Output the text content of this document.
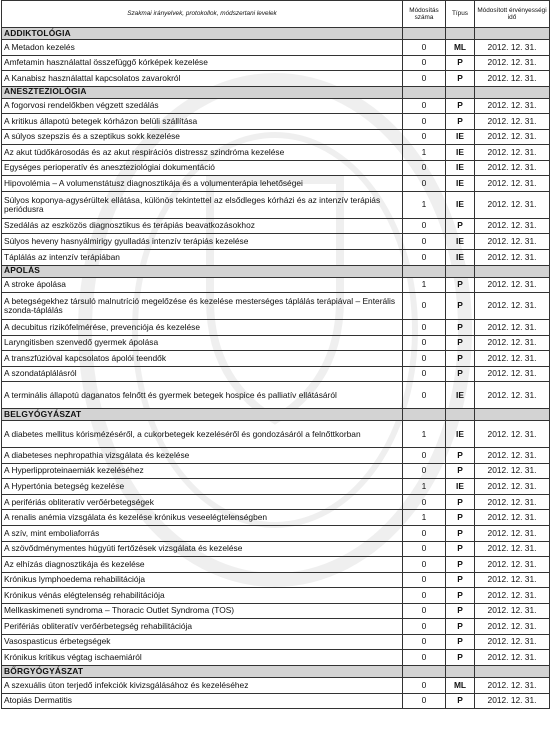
Szakmai irányelvek, protokollok, módszertani levelek	Módosítás száma	Típus	Módosított érvényességi idő
ADDIKTOLÓGIA			
A Metadon kezelés	0	ML	2012. 12. 31.
Amfetamin használattal összefüggő kórképek kezelése	0	P	2012. 12. 31.
A Kanabisz használattal kapcsolatos zavarokról	0	P	2012. 12. 31.
ANESZTEZIOLÓGIA			
A fogorvosi rendelőkben végzett szedálás	0	P	2012. 12. 31.
A kritikus állapotú betegek kórházon belüli szállítása	0	P	2012. 12. 31.
A súlyos szepszis és a szeptikus sokk kezelése	0	IE	2012. 12. 31.
Az akut tüdőkárosodás és az akut respirációs distressz szindróma kezelése	1	IE	2012. 12. 31.
Egységes perioperatív és aneszteziológiai dokumentáció	0	IE	2012. 12. 31.
Hipovolémia – A volumenstátusz diagnosztikája és a volumenterápia lehetőségei	0	IE	2012. 12. 31.
Súlyos koponya-agysérültek ellátása, különös tekintettel az elsődleges kórházi és az intenzív terápiás periódusra	1	IE	2012. 12. 31.
Szedálás az eszközös diagnosztikus és terápiás beavatkozásokhoz	0	P	2012. 12. 31.
Súlyos heveny hasnyálmirigy gyulladás intenzív terápiás kezelése	0	IE	2012. 12. 31.
Táplálás az intenzív terápiában	0	IE	2012. 12. 31.
ÁPOLÁS			
A stroke ápolása	1	P	2012. 12. 31.
A betegségekhez társuló malnutríció megelőzése és kezelése mesterséges táplálás terápiával – Enterális szonda-táplálás	0	P	2012. 12. 31.
A decubitus rizikófelmérése, prevenciója és kezelése	0	P	2012. 12. 31.
Laryngitisben szenvedő gyermek ápolása	0	P	2012. 12. 31.
A transzfúzióval kapcsolatos ápolói teendők	0	P	2012. 12. 31.
A szondatáplálásról	0	P	2012. 12. 31.
A terminális állapotú daganatos felnőtt és gyermek betegek hospice és palliatív ellátásáról	0	IE	2012. 12. 31.
BELGYÓGYÁSZAT			
A diabetes mellitus kórismézéséről, a cukorbetegek kezeléséről és gondozásáról a felnőttkorban	1	IE	2012. 12. 31.
A diabeteses nephropathia vizsgálata és kezelése	0	P	2012. 12. 31.
A Hyperlipproteinaemiák kezeléséhez	0	P	2012. 12. 31.
A Hypertónia betegség kezelése	1	IE	2012. 12. 31.
A perifériás obliteratív verőérbetegségek	0	P	2012. 12. 31.
A renalis anémia vizsgálata és kezelése krónikus veseelégtelenségben	1	P	2012. 12. 31.
A szív, mint emboliaforrás	0	P	2012. 12. 31.
A szövődménymentes húgyúti fertőzések vizsgálata és kezelése	0	P	2012. 12. 31.
Az elhízás diagnosztikája és kezelése	0	P	2012. 12. 31.
Krónikus lymphoedema rehabilitációja	0	P	2012. 12. 31.
Krónikus vénás elégtelenség rehabilitációja	0	P	2012. 12. 31.
Mellkaskimeneti syndroma – Thoracic Outlet Syndroma (TOS)	0	P	2012. 12. 31.
Perifériás obliteratív verőérbetegség rehabilitációja	0	P	2012. 12. 31.
Vasospasticus érbetegségek	0	P	2012. 12. 31.
Krónikus kritikus végtag ischaemiáról	0	P	2012. 12. 31.
BŐRGYÓGYÁSZAT			
A szexuális úton terjedő infekciók kivizsgálásához és kezeléséhez	0	ML	2012. 12. 31.
Atopiás Dermatitis	0	P	2012. 12. 31.
